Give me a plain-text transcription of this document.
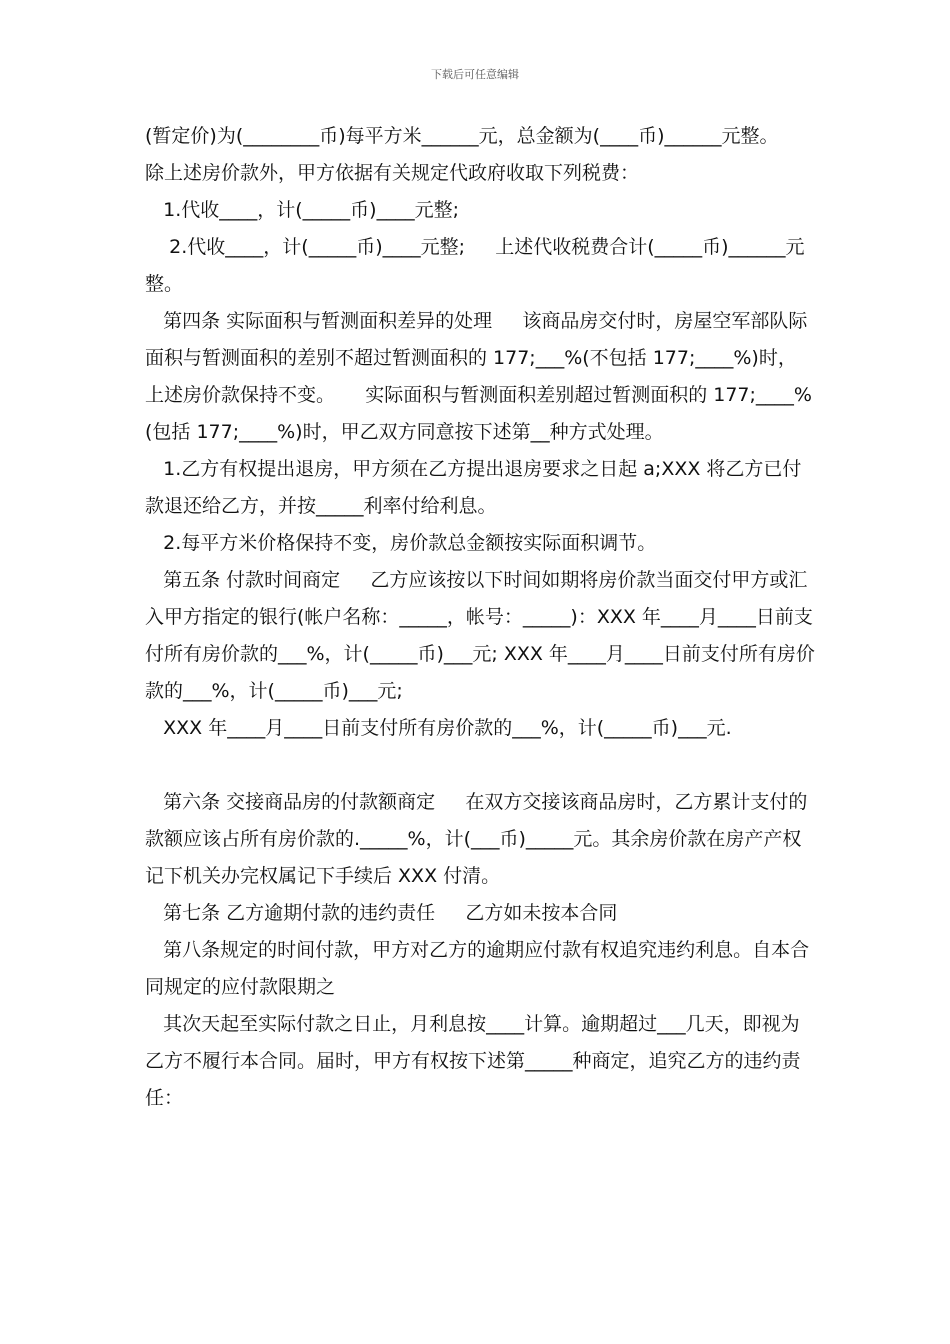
下载后可任意编辑

(暂定价)为(________币)每平方米______元，总金额为(____币)______元整。    除上述房价款外，甲方依据有关规定代政府收取下列税费：

1.代收____，计(_____币)____元整;

2.代收____，计(_____币)____元整;     上述代收税费合计(_____币)______元整。

第四条 实际面积与暂测面积差异的处理     该商品房交付时，房屋空军部队际面积与暂测面积的差别不超过暂测面积的 177;___%(不包括 177;____%)时，上述房价款保持不变。     实际面积与暂测面积差别超过暂测面积的 177;____%(包括 177;____%)时，甲乙双方同意按下述第__种方式处理。

1.乙方有权提出退房，甲方须在乙方提出退房要求之日起 a;XXX 将乙方已付款退还给乙方，并按_____利率付给利息。

2.每平方米价格保持不变，房价款总金额按实际面积调节。

第五条 付款时间商定     乙方应该按以下时间如期将房价款当面交付甲方或汇入甲方指定的银行(帐户名称：_____，帐号：_____)：XXX 年____月____日前支付所有房价款的___%，计(_____币)___元; XXX 年____月____日前支付所有房价款的___%，计(_____币)___元;

XXX 年____月____日前支付所有房价款的___%，计(_____币)___元.

第六条 交接商品房的付款额商定     在双方交接该商品房时，乙方累计支付的款额应该占所有房价款的._____%，计(___币)_____元。其余房价款在房产产权记下机关办完权属记下手续后 XXX 付清。

第七条 乙方逾期付款的违约责任     乙方如未按本合同

第八条规定的时间付款，甲方对乙方的逾期应付款有权追究违约利息。自本合同规定的应付款限期之

其次天起至实际付款之日止，月利息按____计算。逾期超过___几天，即视为乙方不履行本合同。届时，甲方有权按下述第_____种商定，追究乙方的违约责任：
